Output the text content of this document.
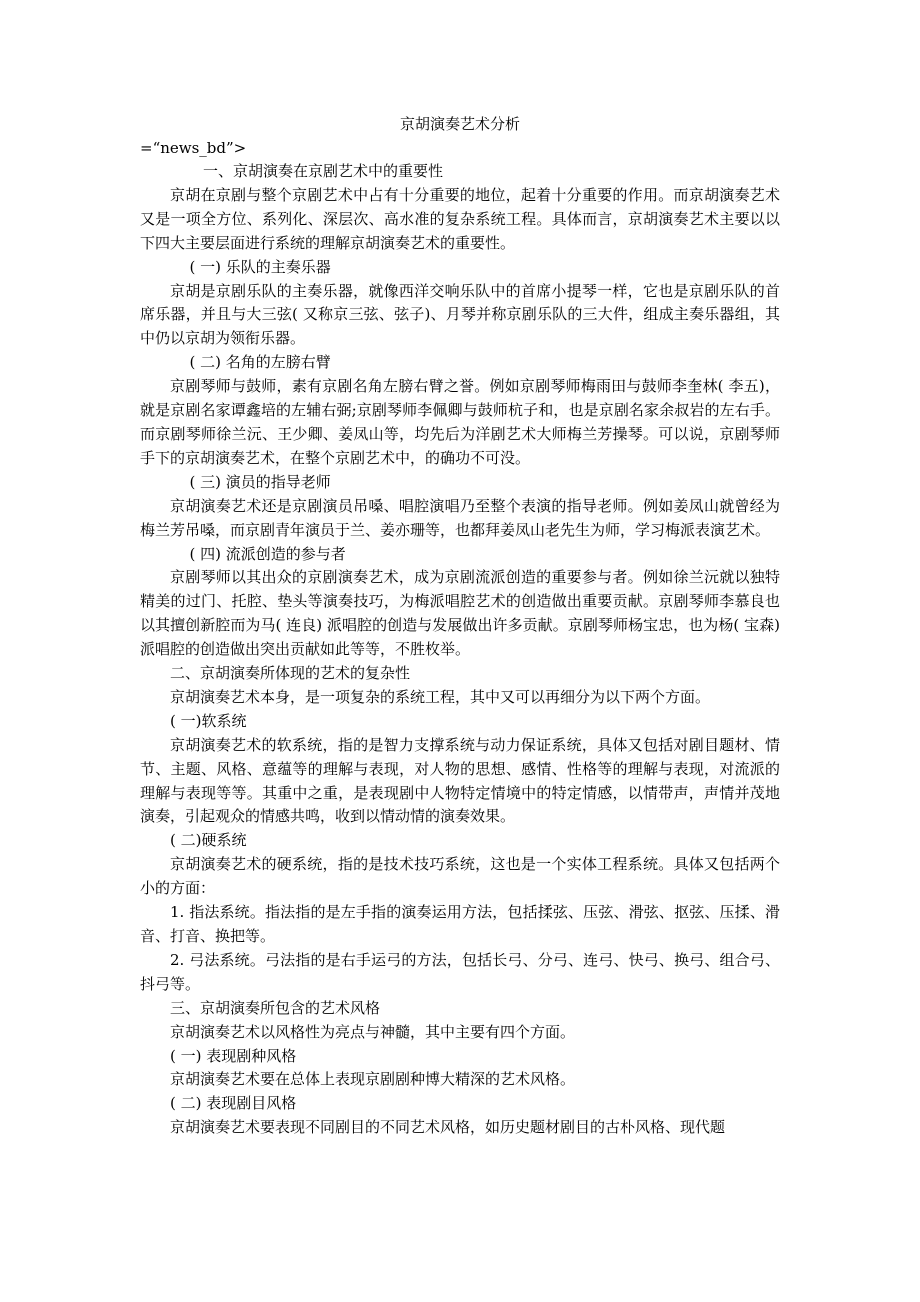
京胡演奏艺术分析
=“news_bd”>

一、京胡演奏在京剧艺术中的重要性

京胡在京剧与整个京剧艺术中占有十分重要的地位，起着十分重要的作用。而京胡演奏艺术又是一项全方位、系列化、深层次、高水准的复杂系统工程。具体而言，京胡演奏艺术主要以以下四大主要层面进行系统的理解京胡演奏艺术的重要性。

( 一) 乐队的主奏乐器

京胡是京剧乐队的主奏乐器，就像西洋交响乐队中的首席小提琴一样，它也是京剧乐队的首席乐器，并且与大三弦( 又称京三弦、弦子)、月琴并称京剧乐队的三大件，组成主奏乐器组，其中仍以京胡为领衔乐器。

( 二) 名角的左膀右臂

京剧琴师与鼓师，素有京剧名角左膀右臂之誉。例如京剧琴师梅雨田与鼓师李奎林( 李五)，就是京剧名家谭鑫培的左辅右弼;京剧琴师李佩卿与鼓师杭子和，也是京剧名家余叔岩的左右手。而京剧琴师徐兰沅、王少卿、姜凤山等，均先后为洋剧艺术大师梅兰芳操琴。可以说，京剧琴师手下的京胡演奏艺术，在整个京剧艺术中，的确功不可没。

( 三) 演员的指导老师

京胡演奏艺术还是京剧演员吊嗓、唱腔演唱乃至整个表演的指导老师。例如姜凤山就曾经为梅兰芳吊嗓，而京剧青年演员于兰、姜亦珊等，也都拜姜凤山老先生为师，学习梅派表演艺术。

( 四) 流派创造的参与者

京剧琴师以其出众的京剧演奏艺术，成为京剧流派创造的重要参与者。例如徐兰沅就以独特精美的过门、托腔、垫头等演奏技巧，为梅派唱腔艺术的创造做出重要贡献。京剧琴师李慕良也以其擅创新腔而为马( 连良) 派唱腔的创造与发展做出许多贡献。京剧琴师杨宝忠，也为杨( 宝森) 派唱腔的创造做出突出贡献如此等等，不胜枚举。

二、京胡演奏所体现的艺术的复杂性

京胡演奏艺术本身，是一项复杂的系统工程，其中又可以再细分为以下两个方面。

( 一)软系统

京胡演奏艺术的软系统，指的是智力支撑系统与动力保证系统，具体又包括对剧目题材、情节、主题、风格、意蕴等的理解与表现，对人物的思想、感情、性格等的理解与表现，对流派的理解与表现等等。其重中之重，是表现剧中人物特定情境中的特定情感，以情带声，声情并茂地演奏，引起观众的情感共鸣，收到以情动情的演奏效果。

( 二)硬系统

京胡演奏艺术的硬系统，指的是技术技巧系统，这也是一个实体工程系统。具体又包括两个小的方面：

1. 指法系统。指法指的是左手指的演奏运用方法，包括揉弦、压弦、滑弦、抠弦、压揉、滑音、打音、换把等。

2. 弓法系统。弓法指的是右手运弓的方法，包括长弓、分弓、连弓、快弓、换弓、组合弓、抖弓等。

三、京胡演奏所包含的艺术风格

京胡演奏艺术以风格性为亮点与神髓，其中主要有四个方面。

( 一) 表现剧种风格

京胡演奏艺术要在总体上表现京剧剧种博大精深的艺术风格。

( 二) 表现剧目风格

京胡演奏艺术要表现不同剧目的不同艺术风格，如历史题材剧目的古朴风格、现代题
